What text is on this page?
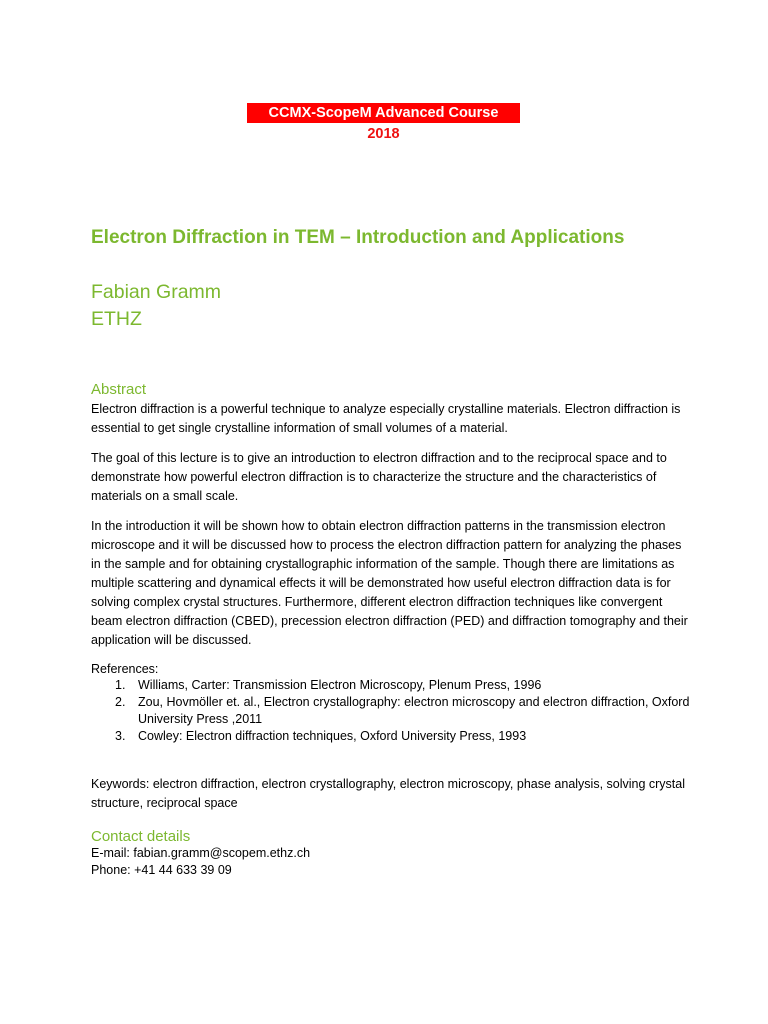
CCMX-ScopeM Advanced Course
2018
Electron Diffraction in TEM – Introduction and Applications
Fabian Gramm
ETHZ
Abstract

Electron diffraction is a powerful technique to analyze especially crystalline materials. Electron diffraction is essential to get single crystalline information of small volumes of a material.

The goal of this lecture is to give an introduction to electron diffraction and to the reciprocal space and to demonstrate how powerful electron diffraction is to characterize the structure and the characteristics of materials on a small scale.

In the introduction it will be shown how to obtain electron diffraction patterns in the transmission electron microscope and it will be discussed how to process the electron diffraction pattern for analyzing the phases in the sample and for obtaining crystallographic information of the sample. Though there are limitations as multiple scattering and dynamical effects it will be demonstrated how useful electron diffraction data is for solving complex crystal structures. Furthermore, different electron diffraction techniques like convergent beam electron diffraction (CBED), precession electron diffraction (PED) and diffraction tomography and their application will be discussed.

References:
1. Williams, Carter: Transmission Electron Microscopy, Plenum Press, 1996
2. Zou, Hovmöller et. al., Electron crystallography: electron microscopy and electron diffraction, Oxford University Press ,2011
3. Cowley: Electron diffraction techniques, Oxford University Press, 1993

Keywords: electron diffraction, electron crystallography, electron microscopy, phase analysis, solving crystal structure, reciprocal space

Contact details
E-mail: fabian.gramm@scopem.ethz.ch
Phone: +41 44 633 39 09
